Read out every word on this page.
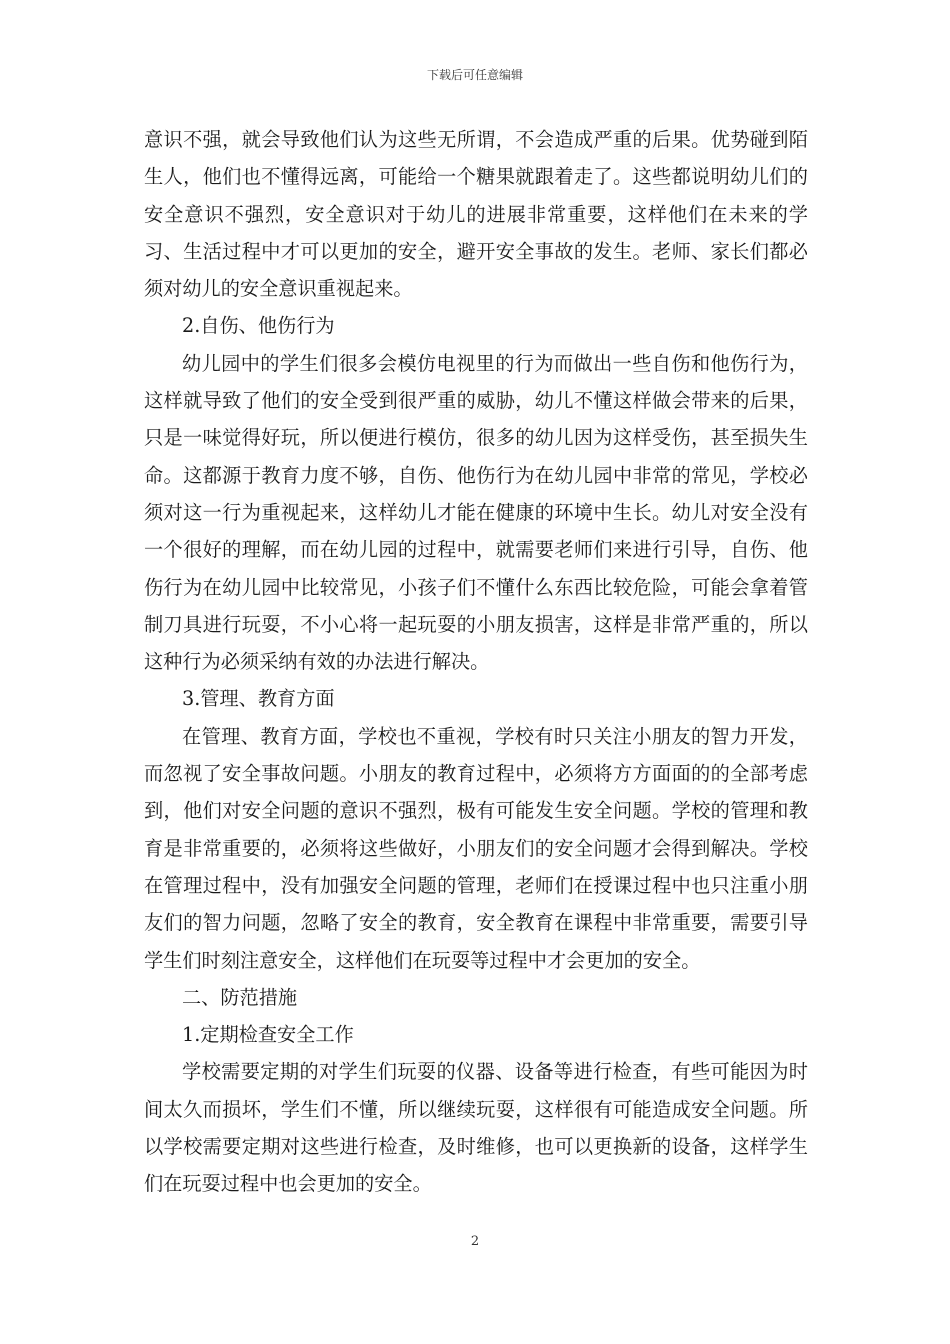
下载后可任意编辑

意识不强，就会导致他们认为这些无所谓，不会造成严重的后果。优势碰到陌生人，他们也不懂得远离，可能给一个糖果就跟着走了。这些都说明幼儿们的安全意识不强烈，安全意识对于幼儿的进展非常重要，这样他们在未来的学习、生活过程中才可以更加的安全，避开安全事故的发生。老师、家长们都必须对幼儿的安全意识重视起来。

2.自伤、他伤行为

幼儿园中的学生们很多会模仿电视里的行为而做出一些自伤和他伤行为，这样就导致了他们的安全受到很严重的威胁，幼儿不懂这样做会带来的后果，只是一味觉得好玩，所以便进行模仿，很多的幼儿因为这样受伤，甚至损失生命。这都源于教育力度不够，自伤、他伤行为在幼儿园中非常的常见，学校必须对这一行为重视起来，这样幼儿才能在健康的环境中生长。幼儿对安全没有一个很好的理解，而在幼儿园的过程中，就需要老师们来进行引导，自伤、他伤行为在幼儿园中比较常见，小孩子们不懂什么东西比较危险，可能会拿着管制刀具进行玩耍，不小心将一起玩耍的小朋友损害，这样是非常严重的，所以这种行为必须采纳有效的办法进行解决。

3.管理、教育方面

在管理、教育方面，学校也不重视，学校有时只关注小朋友的智力开发，而忽视了安全事故问题。小朋友的教育过程中，必须将方方面面的的全部考虑到，他们对安全问题的意识不强烈，极有可能发生安全问题。学校的管理和教育是非常重要的，必须将这些做好，小朋友们的安全问题才会得到解决。学校在管理过程中，没有加强安全问题的管理，老师们在授课过程中也只注重小朋友们的智力问题，忽略了安全的教育，安全教育在课程中非常重要，需要引导学生们时刻注意安全，这样他们在玩耍等过程中才会更加的安全。

二、防范措施

1.定期检查安全工作

学校需要定期的对学生们玩耍的仪器、设备等进行检查，有些可能因为时间太久而损坏，学生们不懂，所以继续玩耍，这样很有可能造成安全问题。所以学校需要定期对这些进行检查，及时维修，也可以更换新的设备，这样学生们在玩耍过程中也会更加的安全。

2
